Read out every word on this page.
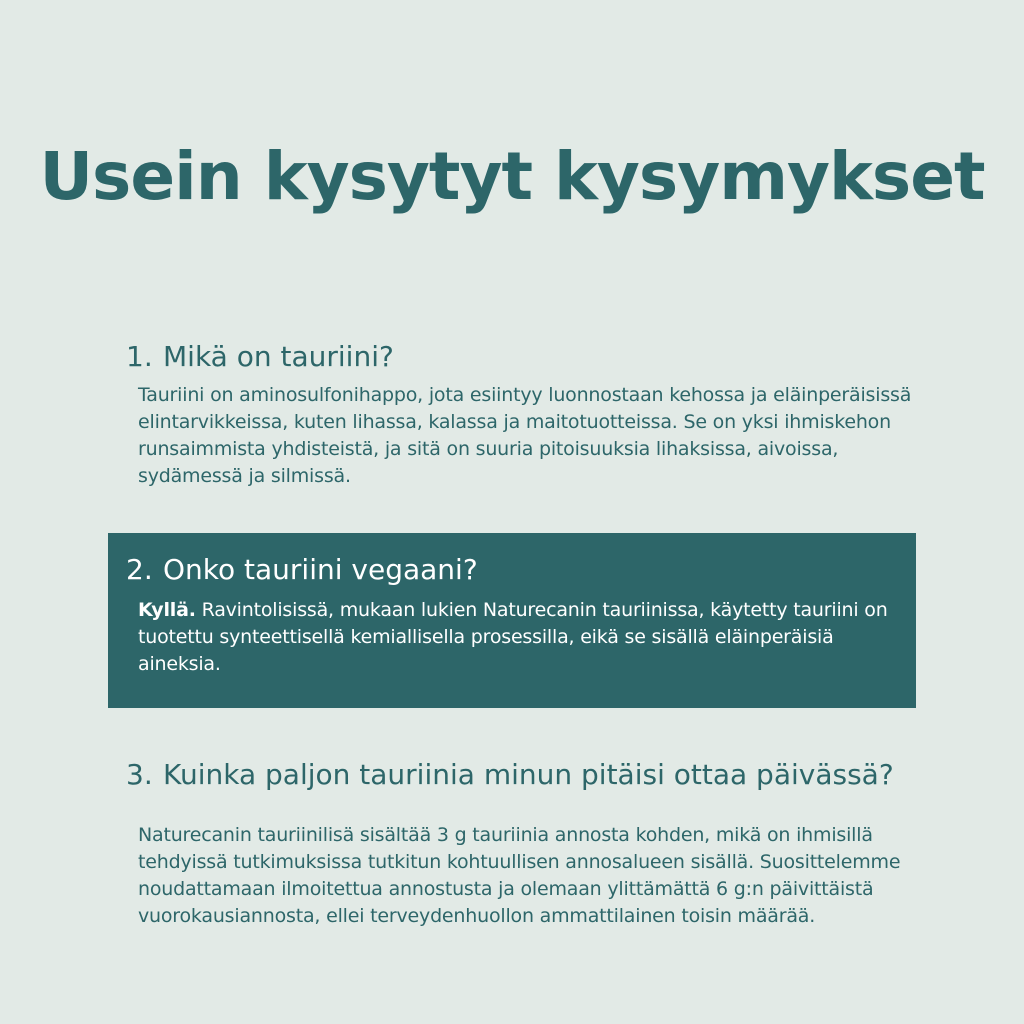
Usein kysytyt kysymykset
1. Mikä on tauriini?

Tauriini on aminosulfonihappo, jota esiintyy luonnostaan kehossa ja eläinperäisissä elintarvikkeissa, kuten lihassa, kalassa ja maitotuotteissa. Se on yksi ihmiskehon runsaimmista yhdisteistä, ja sitä on suuria pitoisuuksia lihaksissa, aivoissa, sydämessä ja silmissä.

2. Onko tauriini vegaani?

Kyllä. Ravintolisissä, mukaan lukien Naturecanin tauriinissa, käytetty tauriini on tuotettu synteettisellä kemiallisella prosessilla, eikä se sisällä eläinperäisiä aineksia.

3. Kuinka paljon tauriinia minun pitäisi ottaa päivässä?

Naturecanin tauriinilisä sisältää 3 g tauriinia annosta kohden, mikä on ihmisillä tehdyissä tutkimuksissa tutkitun kohtuullisen annosalueen sisällä. Suosittelemme noudattamaan ilmoitettua annostusta ja olemaan ylittämättä 6 g:n päivittäistä vuorokausiannosta, ellei terveydenhuollon ammattilainen toisin määrää.
